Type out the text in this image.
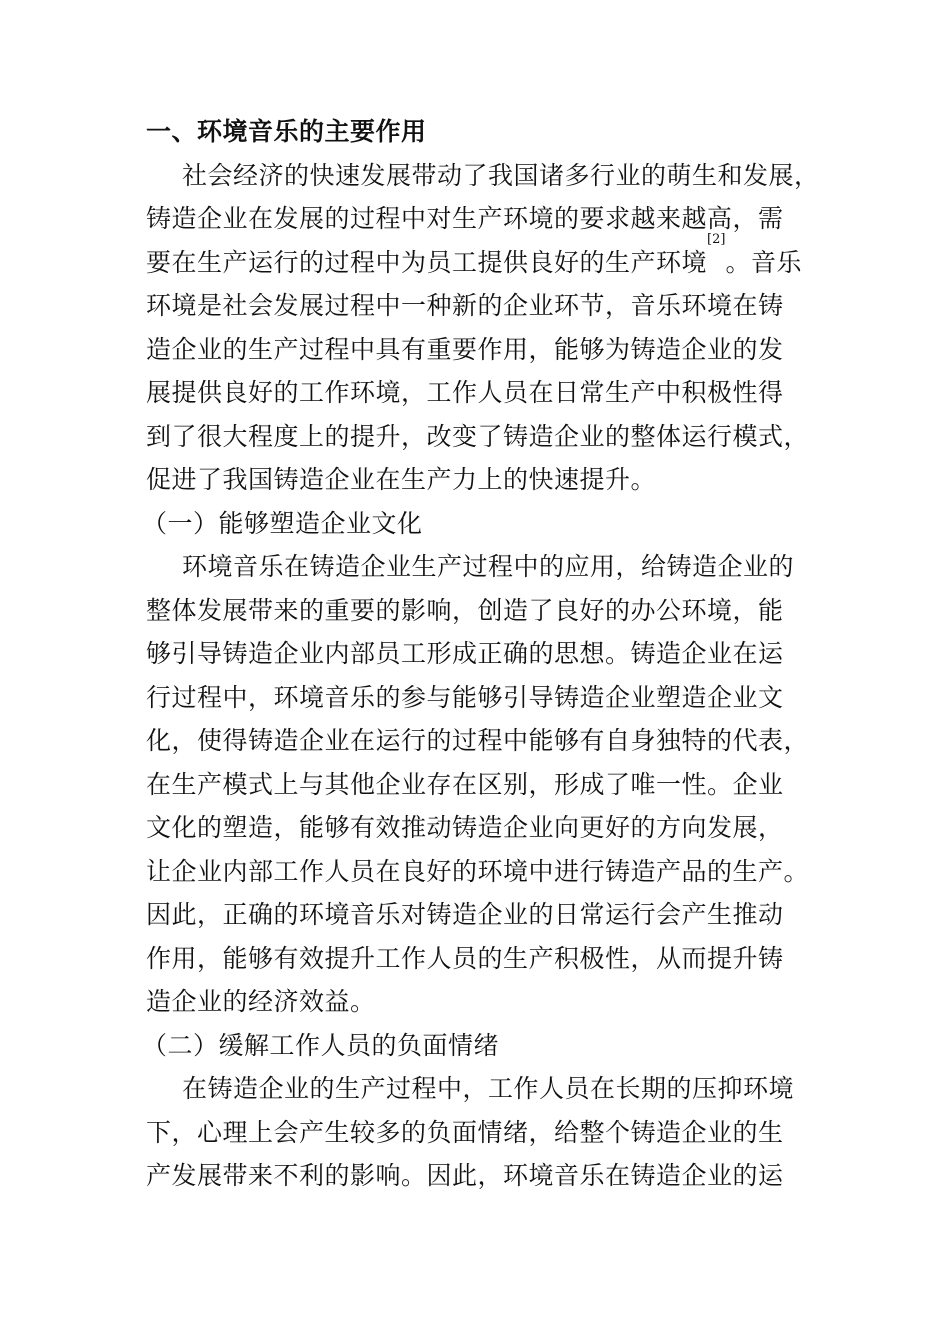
一、环境音乐的主要作用
社会经济的快速发展带动了我国诸多行业的萌生和发展，
铸造企业在发展的过程中对生产环境的要求越来越高，需
要在生产运行的过程中为员工提供良好的生产环境[2]。音乐
环境是社会发展过程中一种新的企业环节，音乐环境在铸
造企业的生产过程中具有重要作用，能够为铸造企业的发
展提供良好的工作环境，工作人员在日常生产中积极性得
到了很大程度上的提升，改变了铸造企业的整体运行模式，
促进了我国铸造企业在生产力上的快速提升。
（一）能够塑造企业文化
环境音乐在铸造企业生产过程中的应用，给铸造企业的
整体发展带来的重要的影响，创造了良好的办公环境，能
够引导铸造企业内部员工形成正确的思想。铸造企业在运
行过程中，环境音乐的参与能够引导铸造企业塑造企业文
化，使得铸造企业在运行的过程中能够有自身独特的代表，
在生产模式上与其他企业存在区别，形成了唯一性。企业
文化的塑造，能够有效推动铸造企业向更好的方向发展，
让企业内部工作人员在良好的环境中进行铸造产品的生产。
因此，正确的环境音乐对铸造企业的日常运行会产生推动
作用，能够有效提升工作人员的生产积极性，从而提升铸
造企业的经济效益。
（二）缓解工作人员的负面情绪
在铸造企业的生产过程中，工作人员在长期的压抑环境
下，心理上会产生较多的负面情绪，给整个铸造企业的生
产发展带来不利的影响。因此，环境音乐在铸造企业的运
